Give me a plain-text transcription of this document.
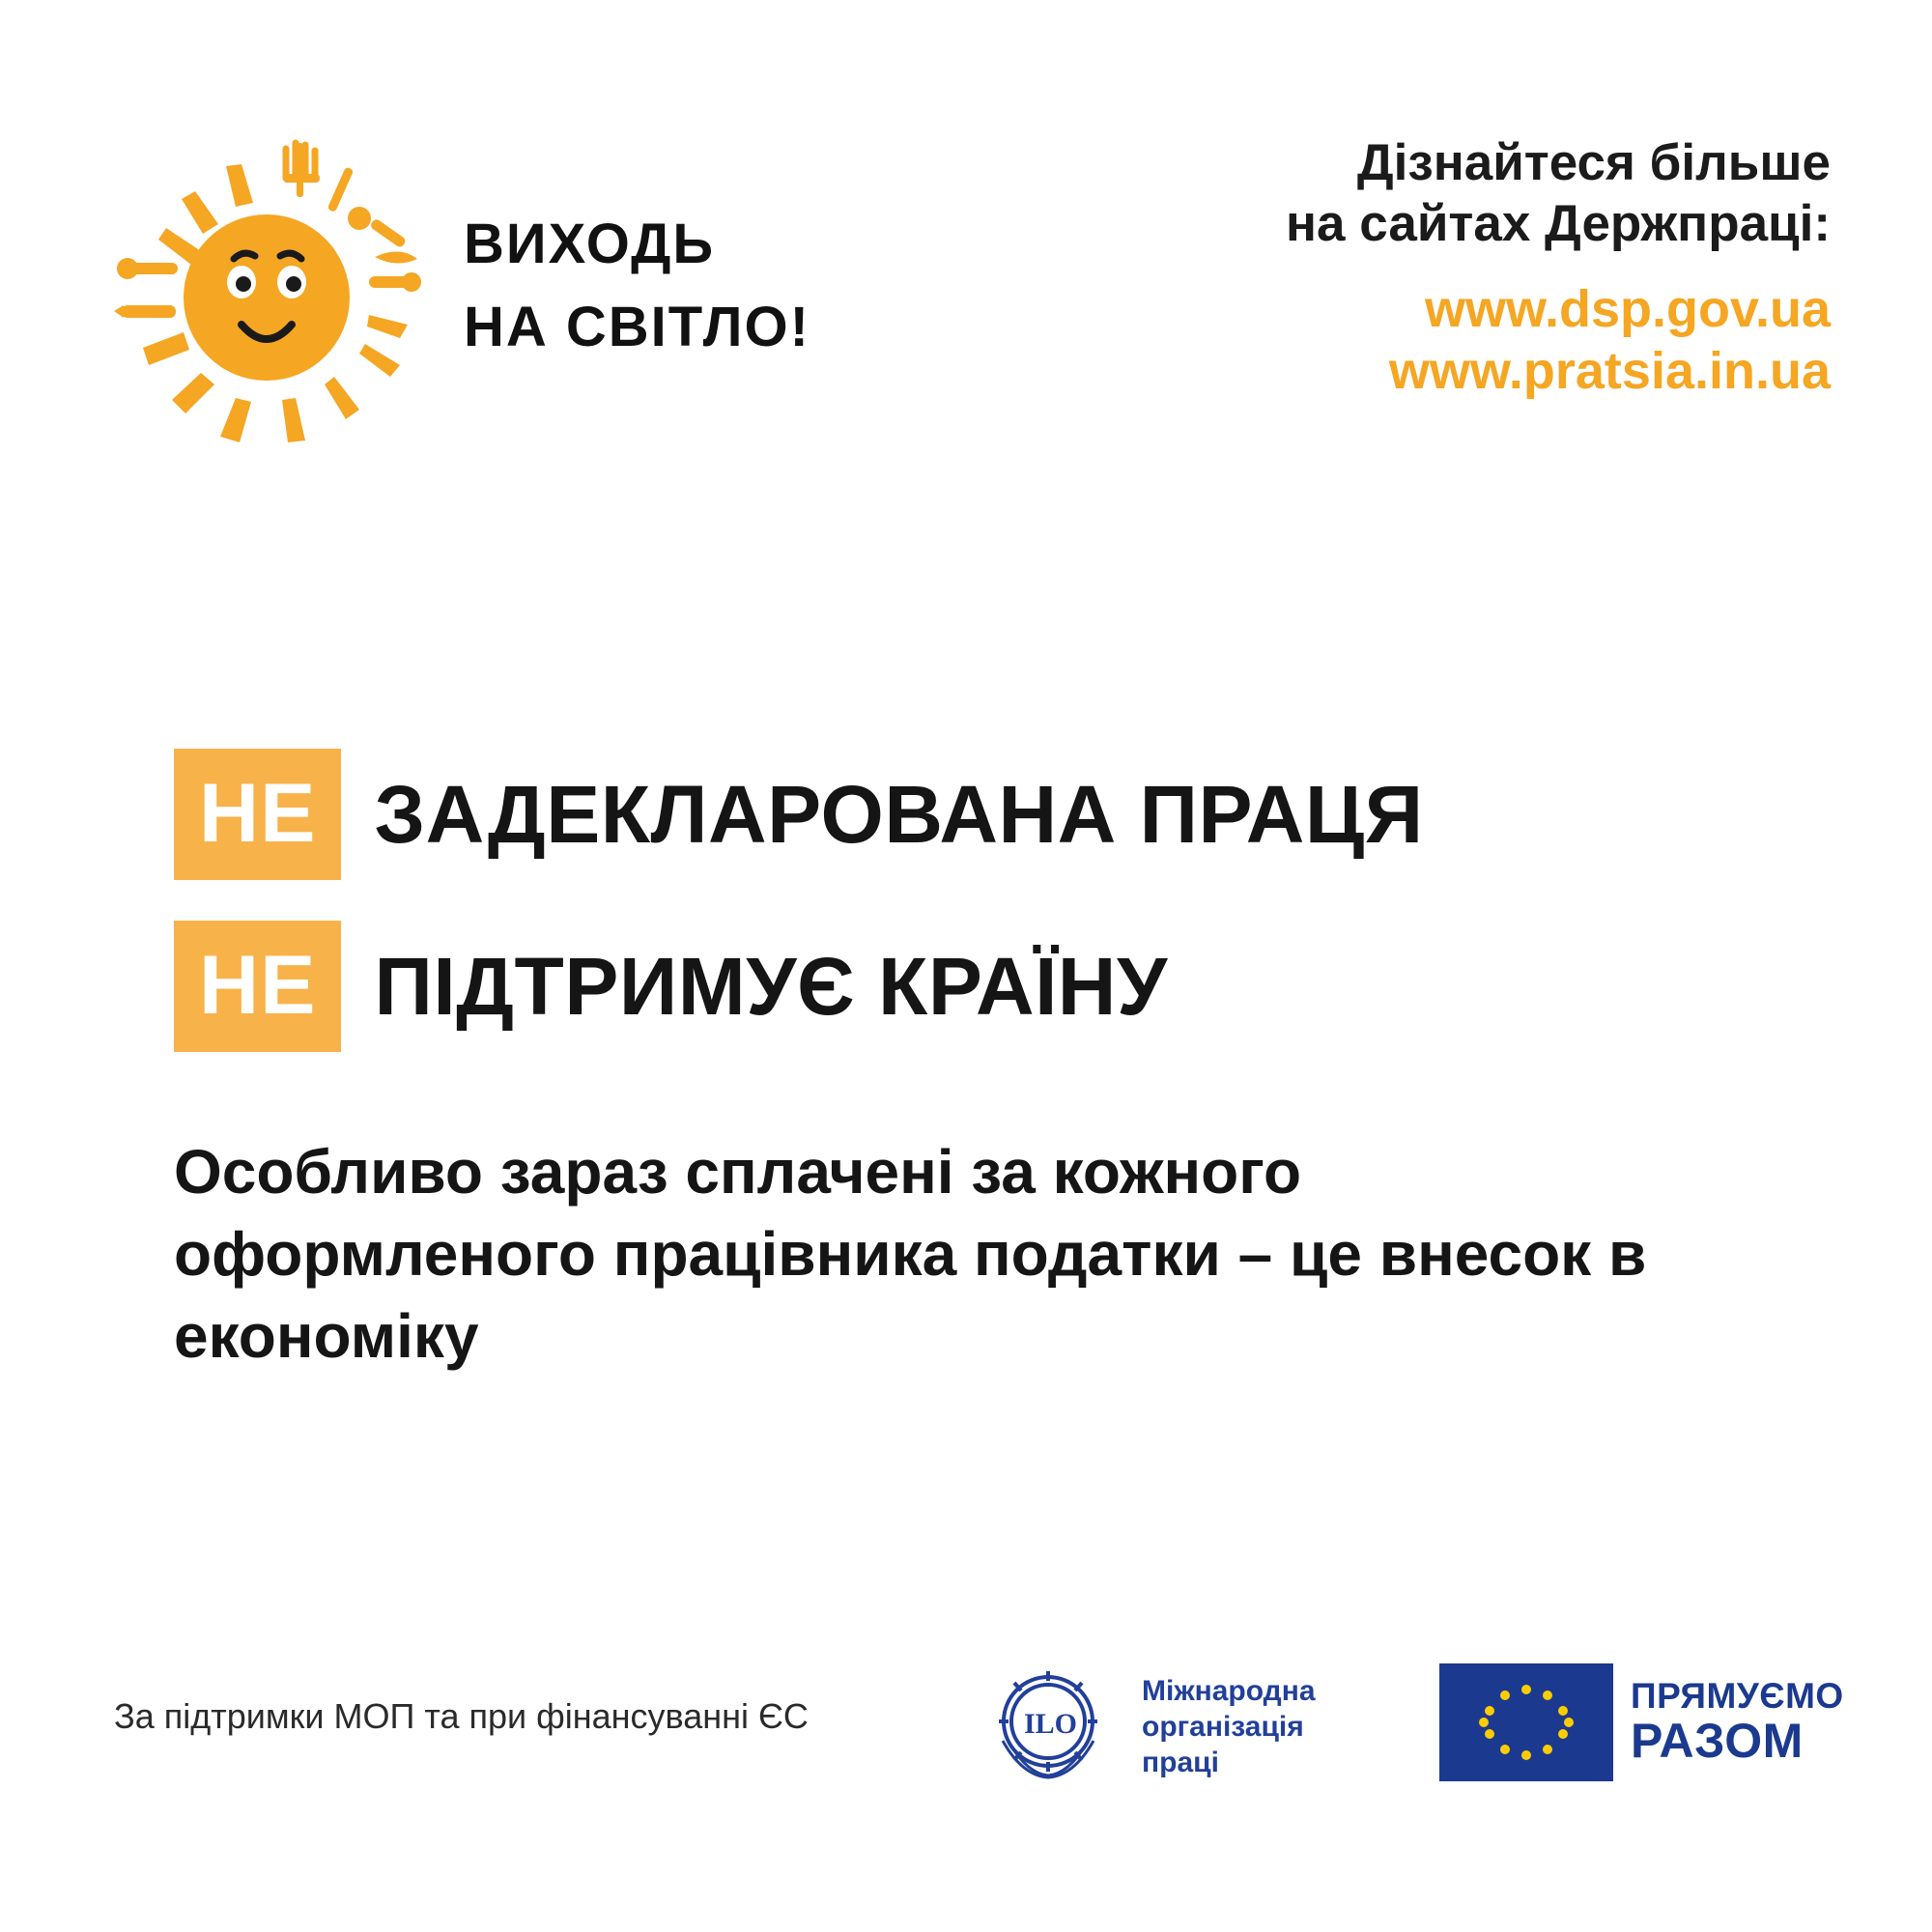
ВИХОДЬ
НА СВІТЛО!
Дізнайтеся більше
на сайтах Держпраці:
www.dsp.gov.ua
www.pratsia.in.ua
НЕ ЗАДЕКЛАРОВАНА ПРАЦЯ
НЕ ПІДТРИМУЄ КРАЇНУ
Особливо зараз сплачені за кожного оформленого працівника податки – це внесок в економіку
За підтримки МОП та при фінансуванні ЄС	ILO
Міжнародна
організація
праці
ПРЯМУЄМО
РАЗОМ
